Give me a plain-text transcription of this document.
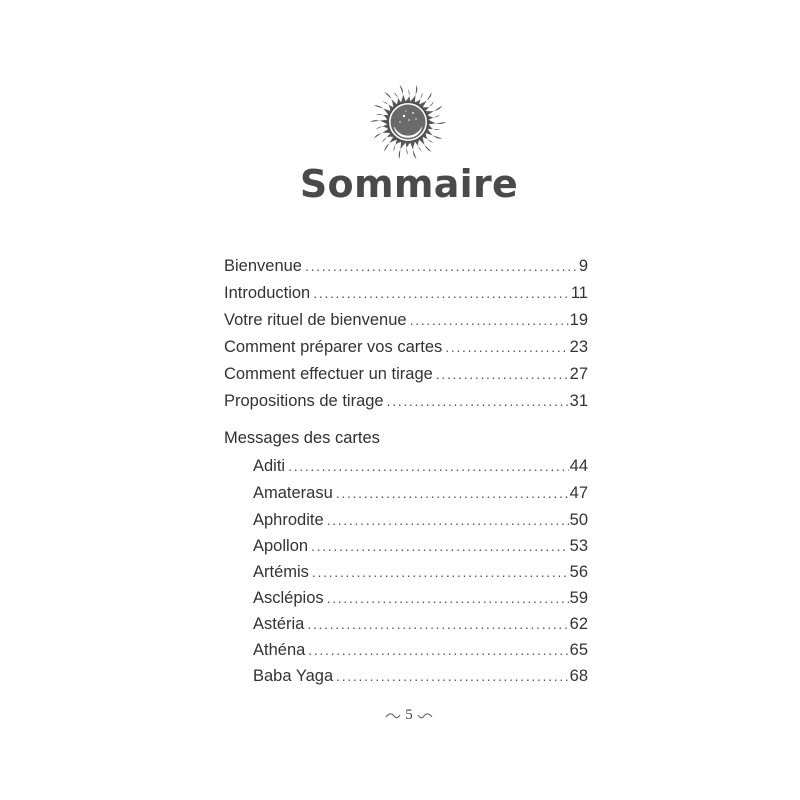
Sommaire
Bienvenue . . .	9
Introduction . . .	11
Votre rituel de bienvenue . . .	19
Comment préparer vos cartes . . .	23
Comment effectuer un tirage . . .	27
Propositions de tirage . . .	31
Aditi . . .	44
Amaterasu . . .	47
Aphrodite . . .	50
Apollon . . .	53
Artémis . . .	56
Asclépios . . .	59
Astéria . . .	62
Athéna . . .	65
Baba Yaga . . .	68
Messages des cartes
5
